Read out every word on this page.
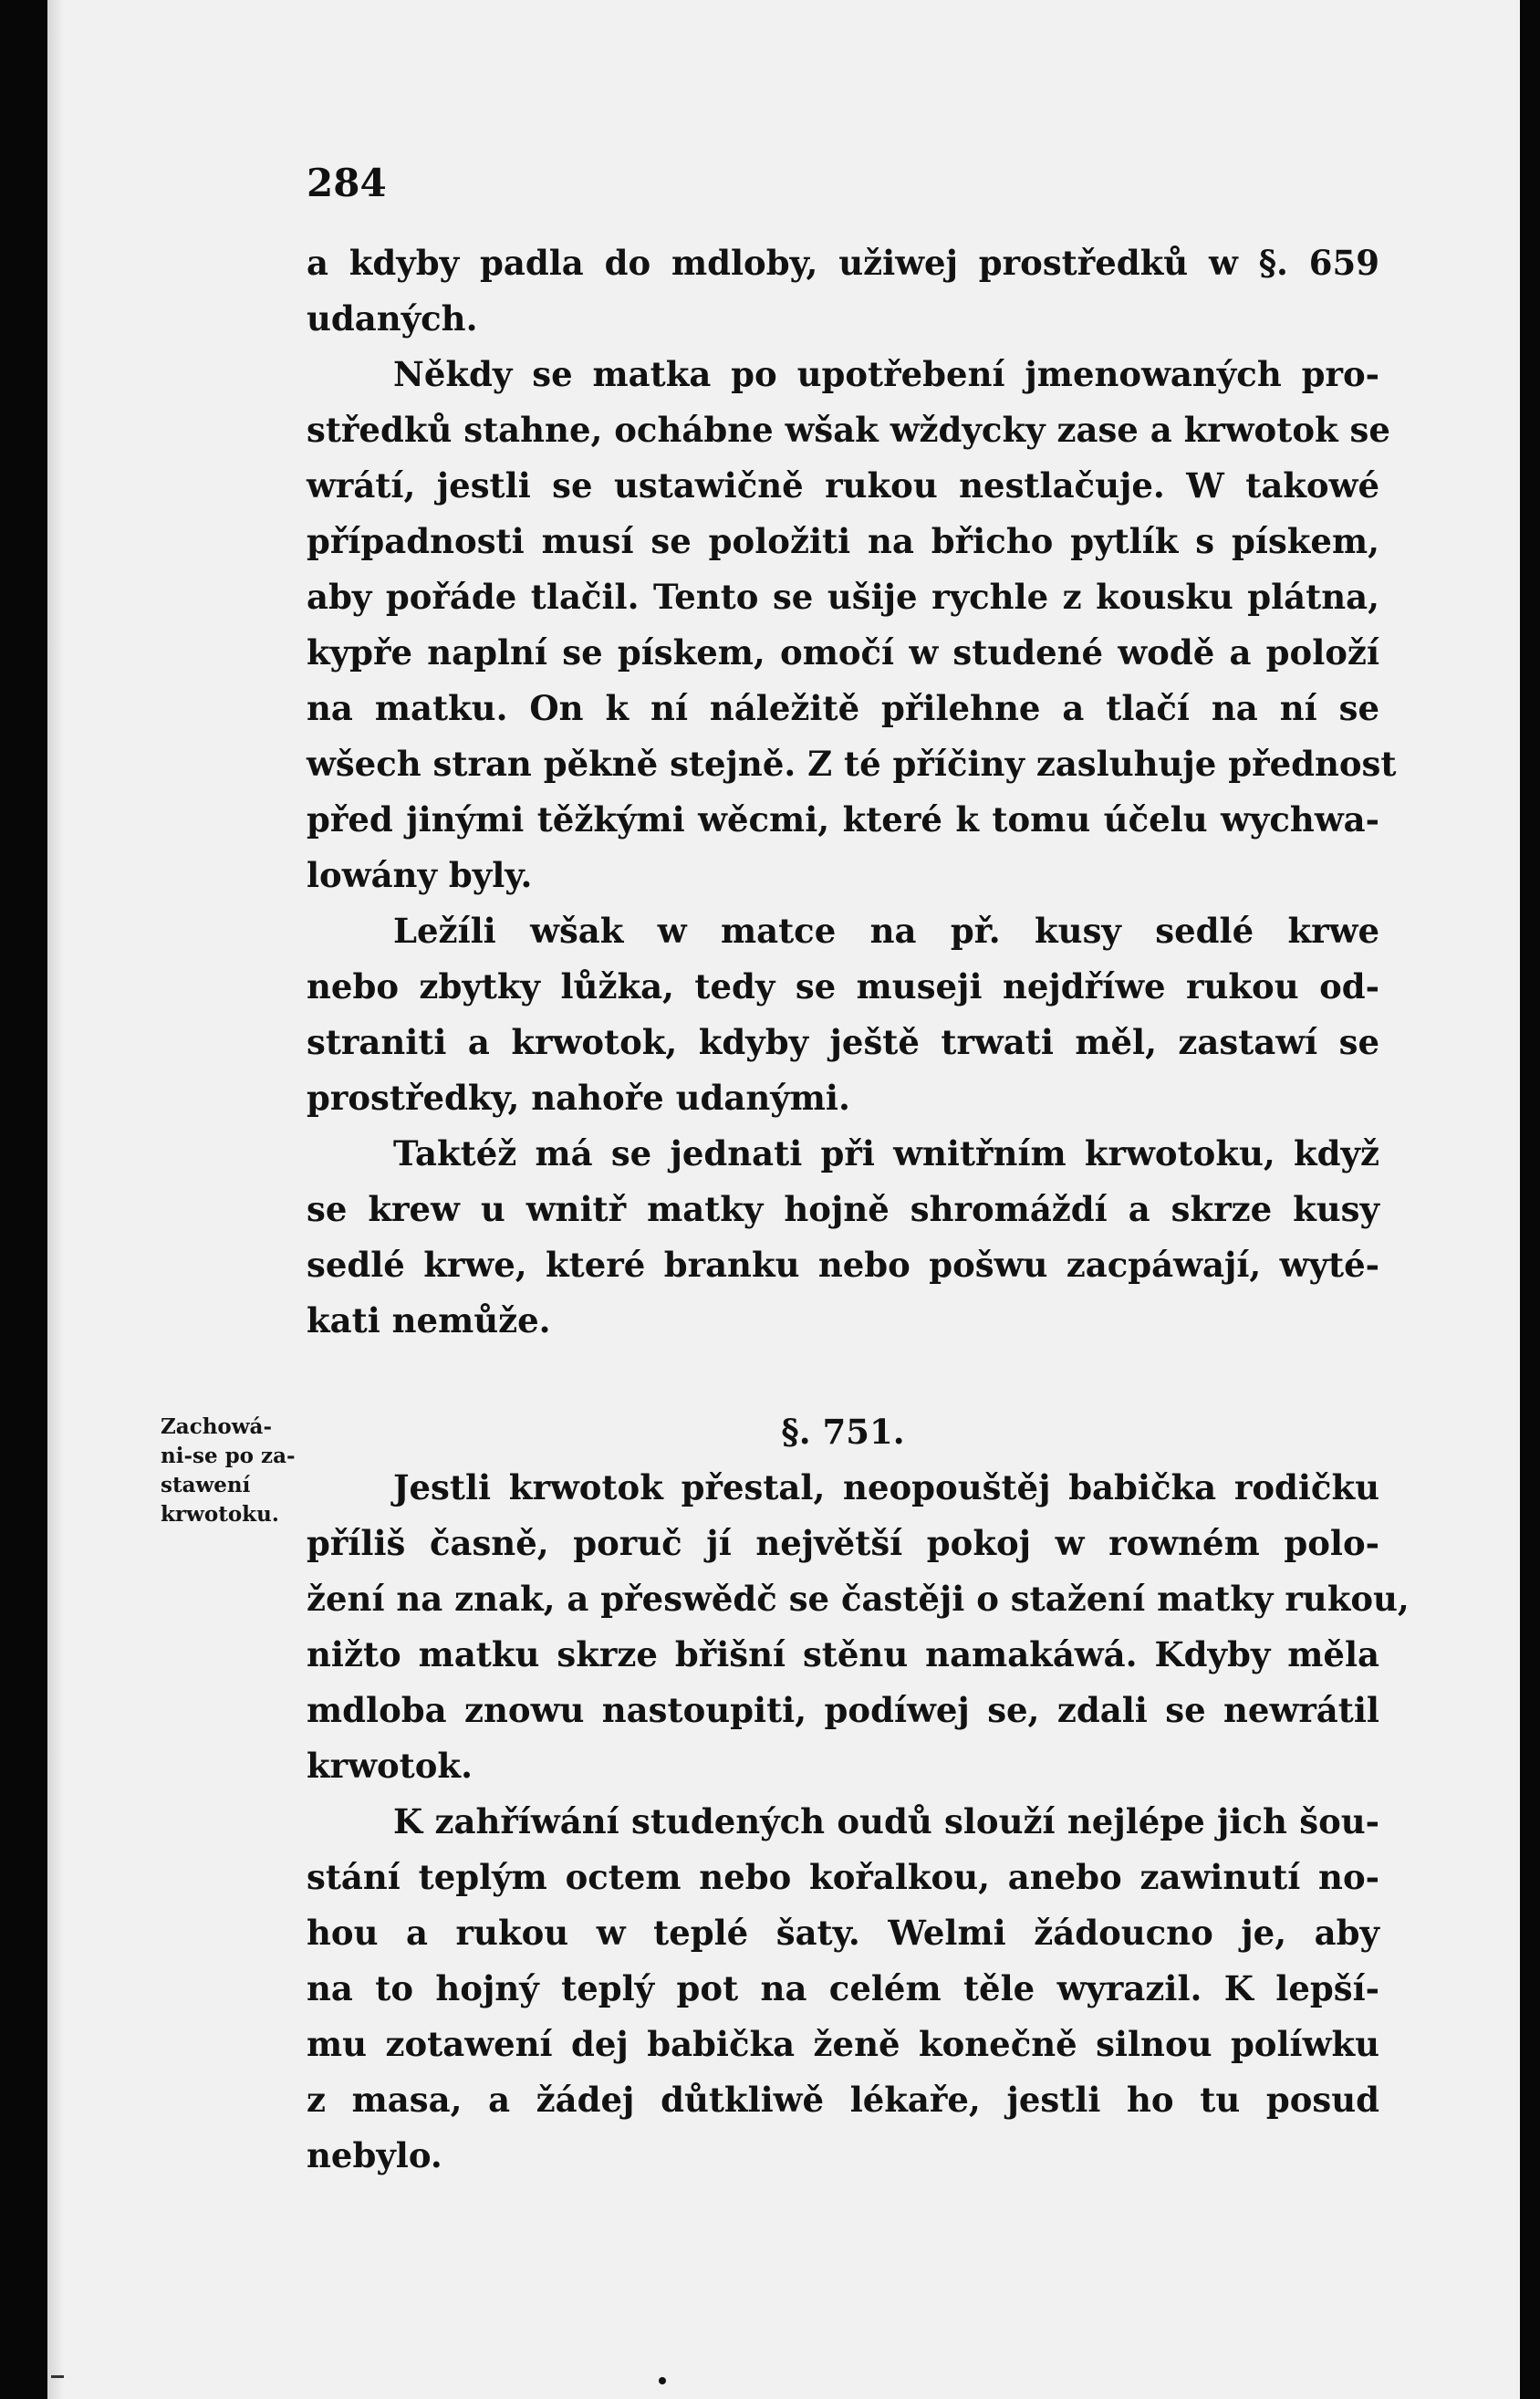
284
a kdyby padla do mdloby, užiwej prostředků w §. 659
udaných.
Někdy se matka po upotřebení jmenowaných pro-
středků stahne, ochábne wšak wždycky zase a krwotok se
wrátí, jestli se ustawičně rukou nestlačuje. W takowé
případnosti musí se položiti na břicho pytlík s pískem,
aby pořáde tlačil. Tento se ušije rychle z kousku plátna,
kypře naplní se pískem, omočí w studené wodě a položí
na matku. On k ní náležitě přilehne a tlačí na ní se
wšech stran pěkně stejně. Z té příčiny zasluhuje přednost
před jinými těžkými wěcmi, které k tomu účelu wychwa-
lowány byly.
Ležíli wšak w matce na př. kusy sedlé krwe
nebo zbytky lůžka, tedy se museji nejdříwe rukou od-
straniti a krwotok, kdyby ještě trwati měl, zastawí se
prostředky, nahoře udanými.
Taktéž má se jednati při wnitřním krwotoku, když
se krew u wnitř matky hojně shromáždí a skrze kusy
sedlé krwe, které branku nebo pošwu zacpáwají, wyté-
kati nemůže.
§. 751.
Jestli krwotok přestal, neopouštěj babička rodičku
příliš časně, poruč jí největší pokoj w rowném polo-
žení na znak, a přeswědč se častěji o stažení matky rukou,
nižto matku skrze břišní stěnu namakáwá. Kdyby měla
mdloba znowu nastoupiti, podíwej se, zdali se newrátil
krwotok.
K zahříwání studených oudů slouží nejlépe jich šou-
stání teplým octem nebo kořalkou, anebo zawinutí no-
hou a rukou w teplé šaty. Welmi žádoucno je, aby
na to hojný teplý pot na celém těle wyrazil. K lepší-
mu zotawení dej babička ženě konečně silnou políwku
z masa, a žádej důtkliwě lékaře, jestli ho tu posud
nebylo.
Zachowá-
ni-se po za-
stawení
krwotoku.
